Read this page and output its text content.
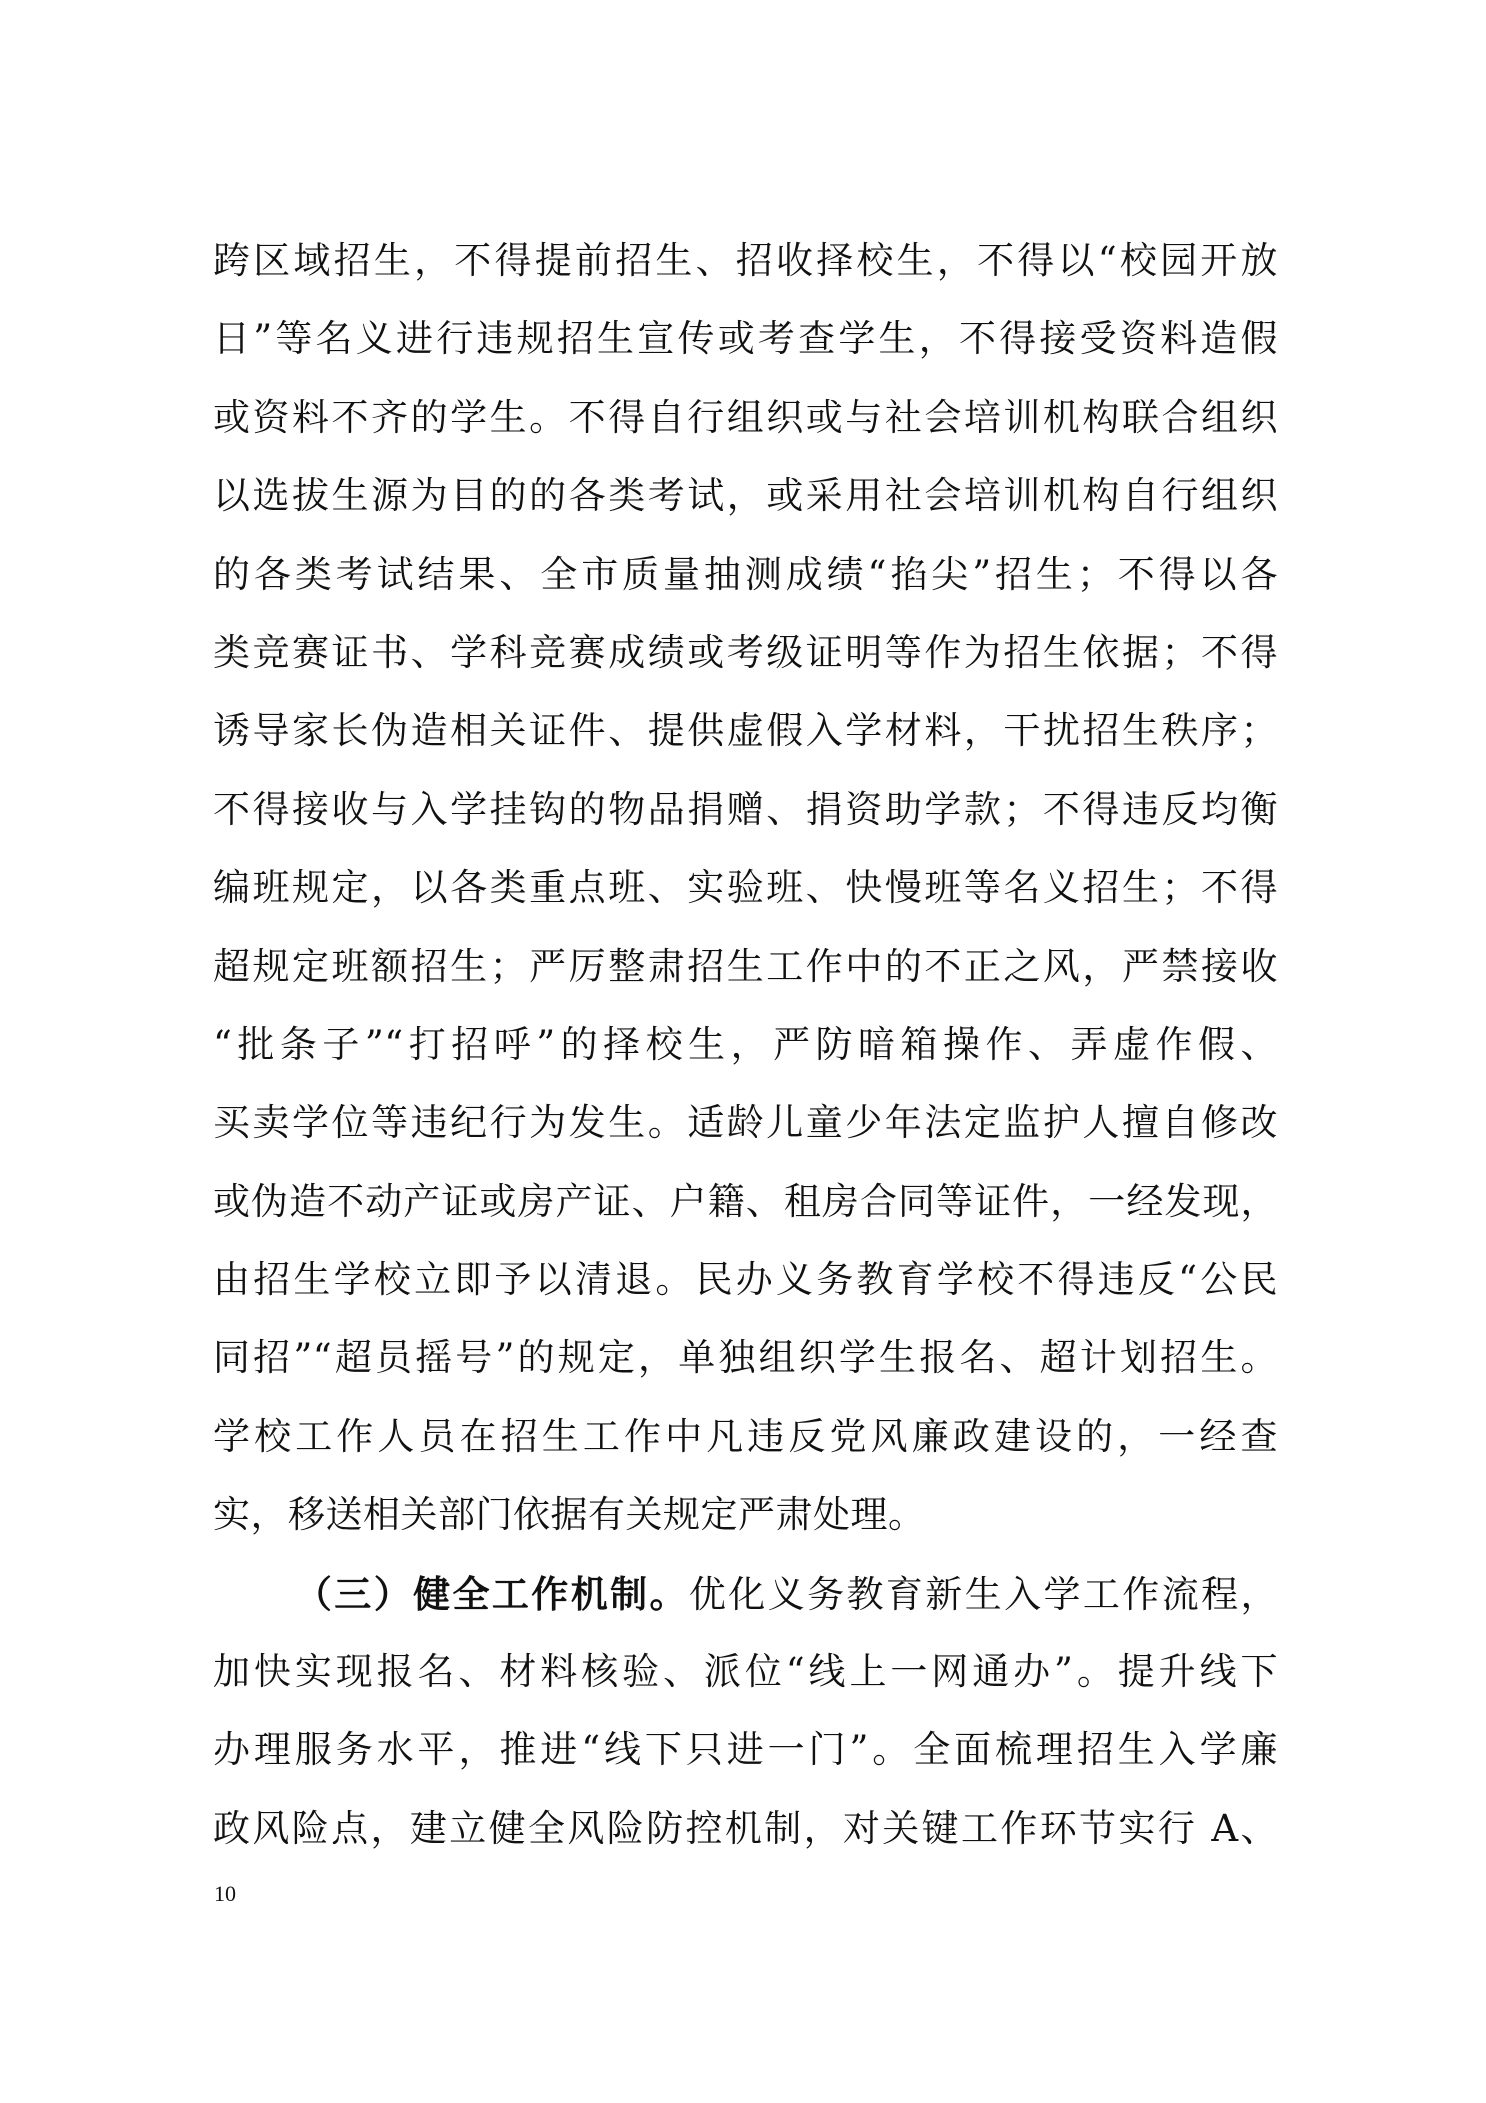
跨区域招生，不得提前招生、招收择校生，不得以“校园开放
日”等名义进行违规招生宣传或考查学生，不得接受资料造假
或资料不齐的学生。不得自行组织或与社会培训机构联合组织
以选拔生源为目的的各类考试，或采用社会培训机构自行组织
的各类考试结果、全市质量抽测成绩“掐尖”招生；不得以各
类竞赛证书、学科竞赛成绩或考级证明等作为招生依据；不得
诱导家长伪造相关证件、提供虚假入学材料，干扰招生秩序；
不得接收与入学挂钩的物品捐赠、捐资助学款；不得违反均衡
编班规定，以各类重点班、实验班、快慢班等名义招生；不得
超规定班额招生；严厉整肃招生工作中的不正之风，严禁接收
“批条子”“打招呼”的择校生，严防暗箱操作、弄虚作假、
买卖学位等违纪行为发生。适龄儿童少年法定监护人擅自修改
或伪造不动产证或房产证、户籍、租房合同等证件，一经发现，
由招生学校立即予以清退。民办义务教育学校不得违反“公民
同招”“超员摇号”的规定，单独组织学生报名、超计划招生。
学校工作人员在招生工作中凡违反党风廉政建设的，一经查
实，移送相关部门依据有关规定严肃处理。
（三）健全工作机制。优化义务教育新生入学工作流程，
加快实现报名、材料核验、派位“线上一网通办”。提升线下
办理服务水平，推进“线下只进一门”。全面梳理招生入学廉
政风险点，建立健全风险防控机制，对关键工作环节实行 A、
10
